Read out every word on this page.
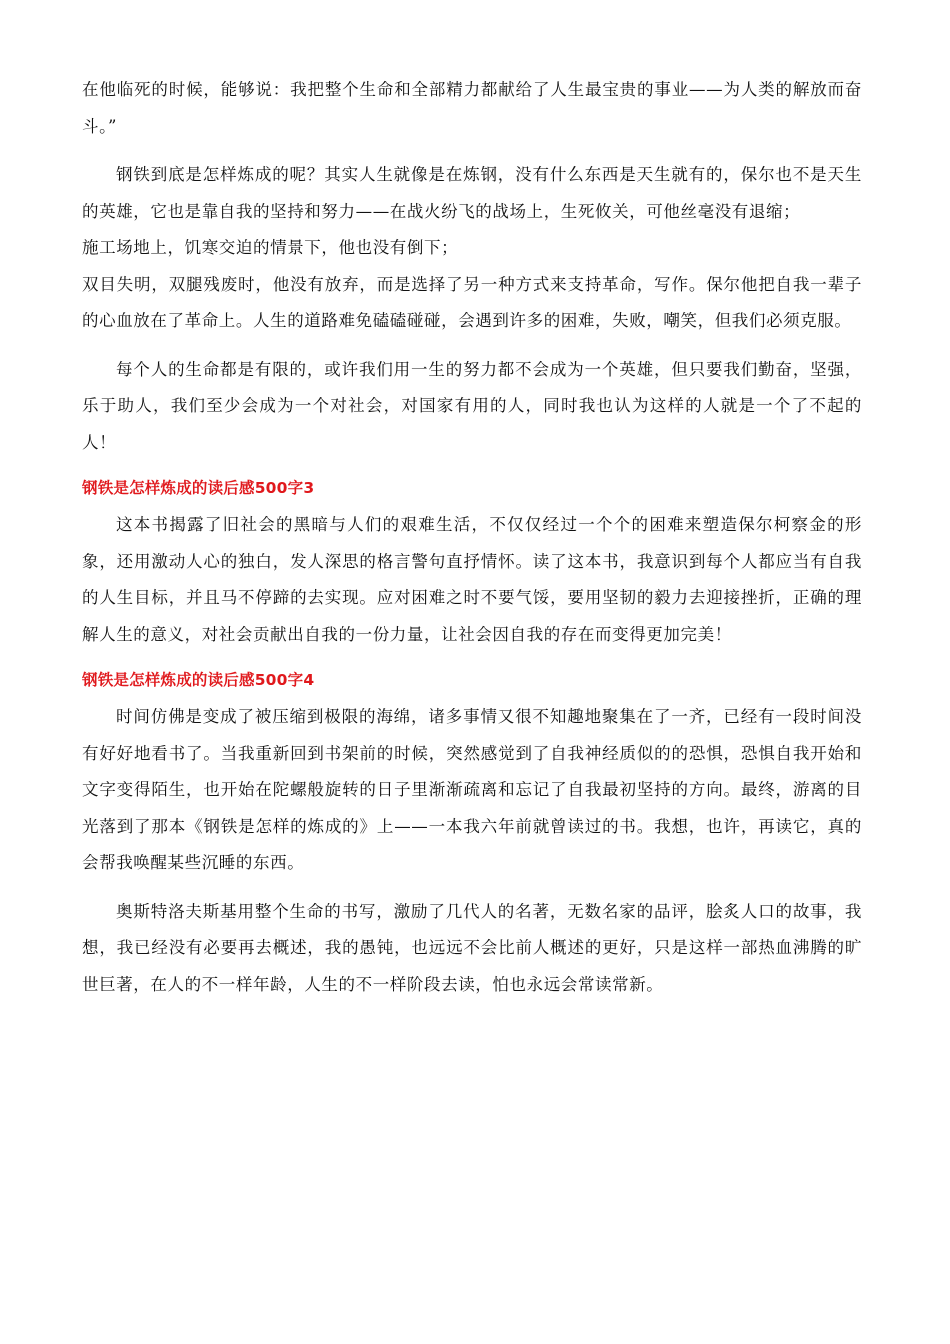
在他临死的时候，能够说：我把整个生命和全部精力都献给了人生最宝贵的事业——为人类的解放而奋斗。”

钢铁到底是怎样炼成的呢？其实人生就像是在炼钢，没有什么东西是天生就有的，保尔也不是天生的英雄，它也是靠自我的坚持和努力——在战火纷飞的战场上，生死攸关，可他丝毫没有退缩；

施工场地上，饥寒交迫的情景下，他也没有倒下；

双目失明，双腿残废时，他没有放弃，而是选择了另一种方式来支持革命，写作。保尔他把自我一辈子的心血放在了革命上。人生的道路难免磕磕碰碰，会遇到许多的困难，失败，嘲笑，但我们必须克服。

每个人的生命都是有限的，或许我们用一生的努力都不会成为一个英雄，但只要我们勤奋，坚强，乐于助人，我们至少会成为一个对社会，对国家有用的人，同时我也认为这样的人就是一个了不起的人！

钢铁是怎样炼成的读后感500字3

这本书揭露了旧社会的黑暗与人们的艰难生活，不仅仅经过一个个的困难来塑造保尔柯察金的形象，还用激动人心的独白，发人深思的格言警句直抒情怀。读了这本书，我意识到每个人都应当有自我的人生目标，并且马不停蹄的去实现。应对困难之时不要气馁，要用坚韧的毅力去迎接挫折，正确的理解人生的意义，对社会贡献出自我的一份力量，让社会因自我的存在而变得更加完美！

钢铁是怎样炼成的读后感500字4

时间仿佛是变成了被压缩到极限的海绵，诸多事情又很不知趣地聚集在了一齐，已经有一段时间没有好好地看书了。当我重新回到书架前的时候，突然感觉到了自我神经质似的的恐惧，恐惧自我开始和文字变得陌生，也开始在陀螺般旋转的日子里渐渐疏离和忘记了自我最初坚持的方向。最终，游离的目光落到了那本《钢铁是怎样的炼成的》上——一本我六年前就曾读过的书。我想，也许，再读它，真的会帮我唤醒某些沉睡的东西。

奥斯特洛夫斯基用整个生命的书写，激励了几代人的名著，无数名家的品评，脍炙人口的故事，我想，我已经没有必要再去概述，我的愚钝，也远远不会比前人概述的更好，只是这样一部热血沸腾的旷世巨著，在人的不一样年龄，人生的不一样阶段去读，怕也永远会常读常新。
